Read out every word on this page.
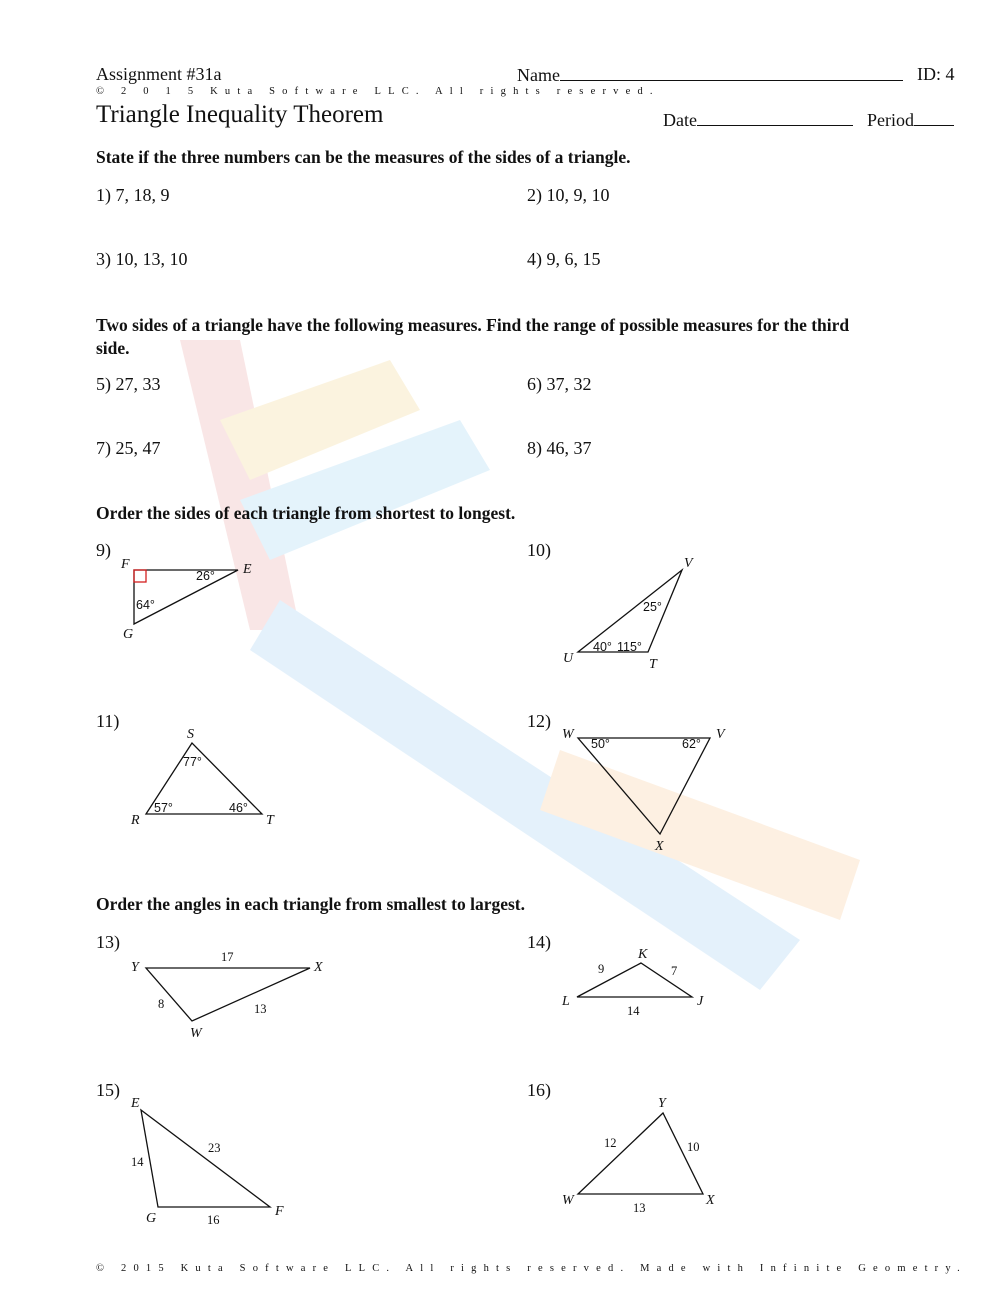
Assignment #31a	Name	ID: 4
© 2 0 1 5 Kuta Software LLC. All rights reserved.
Triangle Inequality Theorem	Date	Period
State if the three numbers can be the measures of the sides of a triangle.
1) 7, 18, 9	2) 10, 9, 10
3) 10, 13, 10	4) 9, 6, 15
Two sides of a triangle have the following measures. Find the range of possible measures for the third side.
5) 27, 33	6) 37, 32
7) 25, 47	8) 46, 37
Order the sides of each triangle from shortest to longest.
9)
F	E
G
26°
64°
10)
V
U	T
25°
40° 115°
11)
S
R	T
77°
57°	46°
12)
W	V
X
50°	62°
Order the angles in each triangle from smallest to largest.
13)
Y	X
W
17
8	13
14)
K
L	J
9	7
14
15)
E
G	F
23
14
16
16)
Y
W	X
12	10
13
© 2015 Kuta Software LLC. All rights reserved. Made with Infinite Geometry.
